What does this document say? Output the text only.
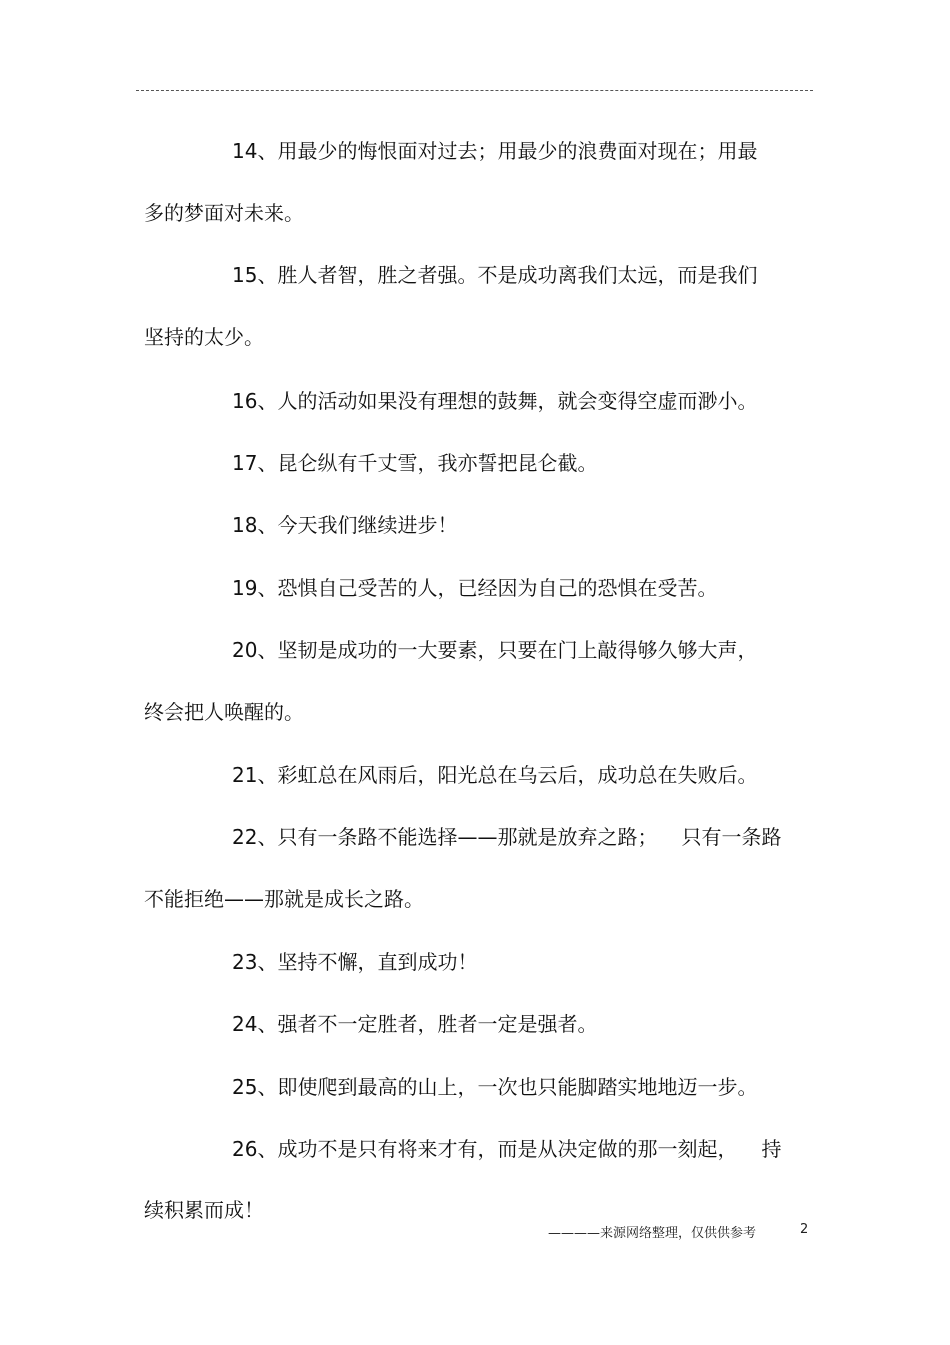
14、用最少的悔恨面对过去；用最少的浪费面对现在；用最
多的梦面对未来。
15、胜人者智，胜之者强。不是成功离我们太远，而是我们
坚持的太少。
16、人的活动如果没有理想的鼓舞，就会变得空虚而渺小。
17、昆仑纵有千丈雪，我亦誓把昆仑截。
18、今天我们继续进步！
19、恐惧自己受苦的人，已经因为自己的恐惧在受苦。
20、坚韧是成功的一大要素，只要在门上敲得够久够大声，
终会把人唤醒的。
21、彩虹总在风雨后，阳光总在乌云后，成功总在失败后。
22、只有一条路不能选择——那就是放弃之路； 只有一条路
不能拒绝——那就是成长之路。
23、坚持不懈，直到成功！
24、强者不一定胜者，胜者一定是强者。
25、即使爬到最高的山上，一次也只能脚踏实地地迈一步。
26、成功不是只有将来才有，而是从决定做的那一刻起， 持
续积累而成！
————来源网络整理，仅供供参考	2
